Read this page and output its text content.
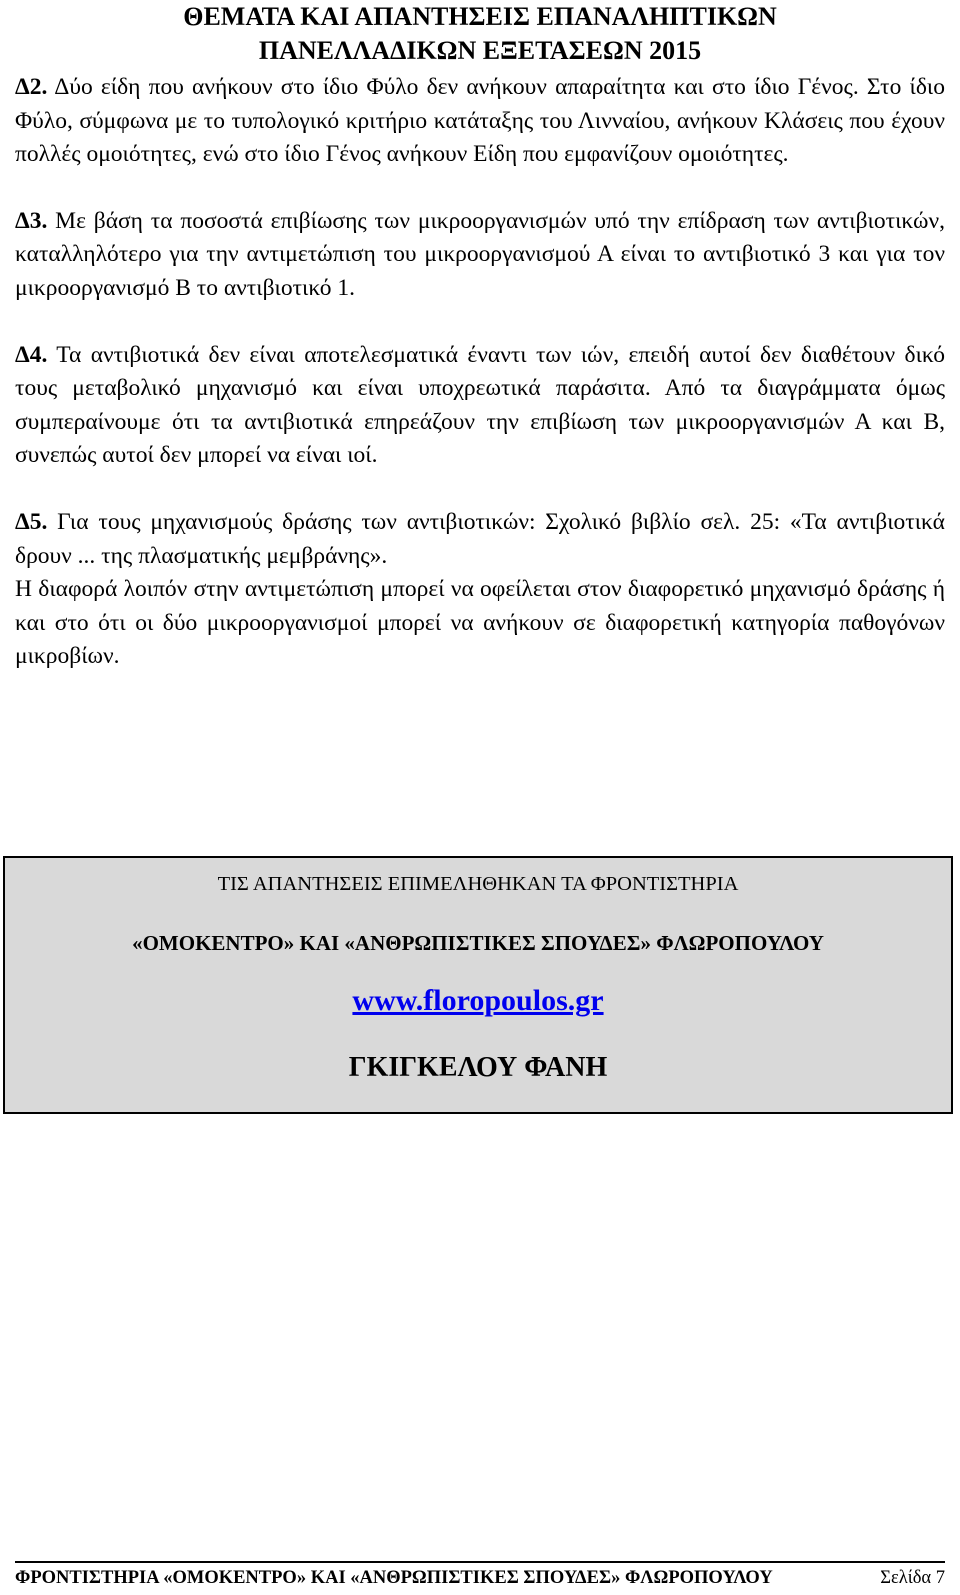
ΘΕΜΑΤΑ ΚΑΙ ΑΠΑΝΤΗΣΕΙΣ ΕΠΑΝΑΛΗΠΤΙΚΩΝ
ΠΑΝΕΛΛΑΔΙΚΩΝ ΕΞΕΤΑΣΕΩΝ 2015

Δ2. Δύο είδη που ανήκουν στο ίδιο Φύλο δεν ανήκουν απαραίτητα και στο ίδιο Γένος. Στο ίδιο Φύλο, σύμφωνα με το τυπολογικό κριτήριο κατάταξης του Λινναίου, ανήκουν Κλάσεις που έχουν πολλές ομοιότητες, ενώ στο ίδιο Γένος ανήκουν Είδη που εμφανίζουν ομοιότητες.

Δ3. Με βάση τα ποσοστά επιβίωσης των μικροοργανισμών υπό την επίδραση των αντιβιοτικών, καταλληλότερο για την αντιμετώπιση του μικροοργανισμού Α είναι το αντιβιοτικό 3 και για τον μικροοργανισμό Β το αντιβιοτικό 1.

Δ4. Τα αντιβιοτικά δεν είναι αποτελεσματικά έναντι των ιών, επειδή αυτοί δεν διαθέτουν δικό τους μεταβολικό μηχανισμό και είναι υποχρεωτικά παράσιτα. Από τα διαγράμματα όμως συμπεραίνουμε ότι τα αντιβιοτικά επηρεάζουν την επιβίωση των μικροοργανισμών Α και Β, συνεπώς αυτοί δεν μπορεί να είναι ιοί.

Δ5. Για τους μηχανισμούς δράσης των αντιβιοτικών: Σχολικό βιβλίο σελ. 25: «Τα αντιβιοτικά δρουν ... της πλασματικής μεμβράνης».
Η διαφορά λοιπόν στην αντιμετώπιση μπορεί να οφείλεται στον διαφορετικό μηχανισμό δράσης ή και στο ότι οι δύο μικροοργανισμοί μπορεί να ανήκουν σε διαφορετική κατηγορία παθογόνων μικροβίων.

ΤΙΣ ΑΠΑΝΤΗΣΕΙΣ ΕΠΙΜΕΛΗΘΗΚΑΝ ΤΑ ΦΡΟΝΤΙΣΤΗΡΙΑ
«ΟΜΟΚΕΝΤΡΟ» ΚΑΙ «ΑΝΘΡΩΠΙΣΤΙΚΕΣ ΣΠΟΥΔΕΣ» ΦΛΩΡΟΠΟΥΛΟΥ
www.floropoulos.gr
ΓΚΙΓΚΕΛΟΥ ΦΑΝΗ
ΦΡΟΝΤΙΣΤΗΡΙΑ «ΟΜΟΚΕΝΤΡΟ» ΚΑΙ «ΑΝΘΡΩΠΙΣΤΙΚΕΣ ΣΠΟΥΔΕΣ» ΦΛΩΡΟΠΟΥΛΟΥ	Σελίδα 7
